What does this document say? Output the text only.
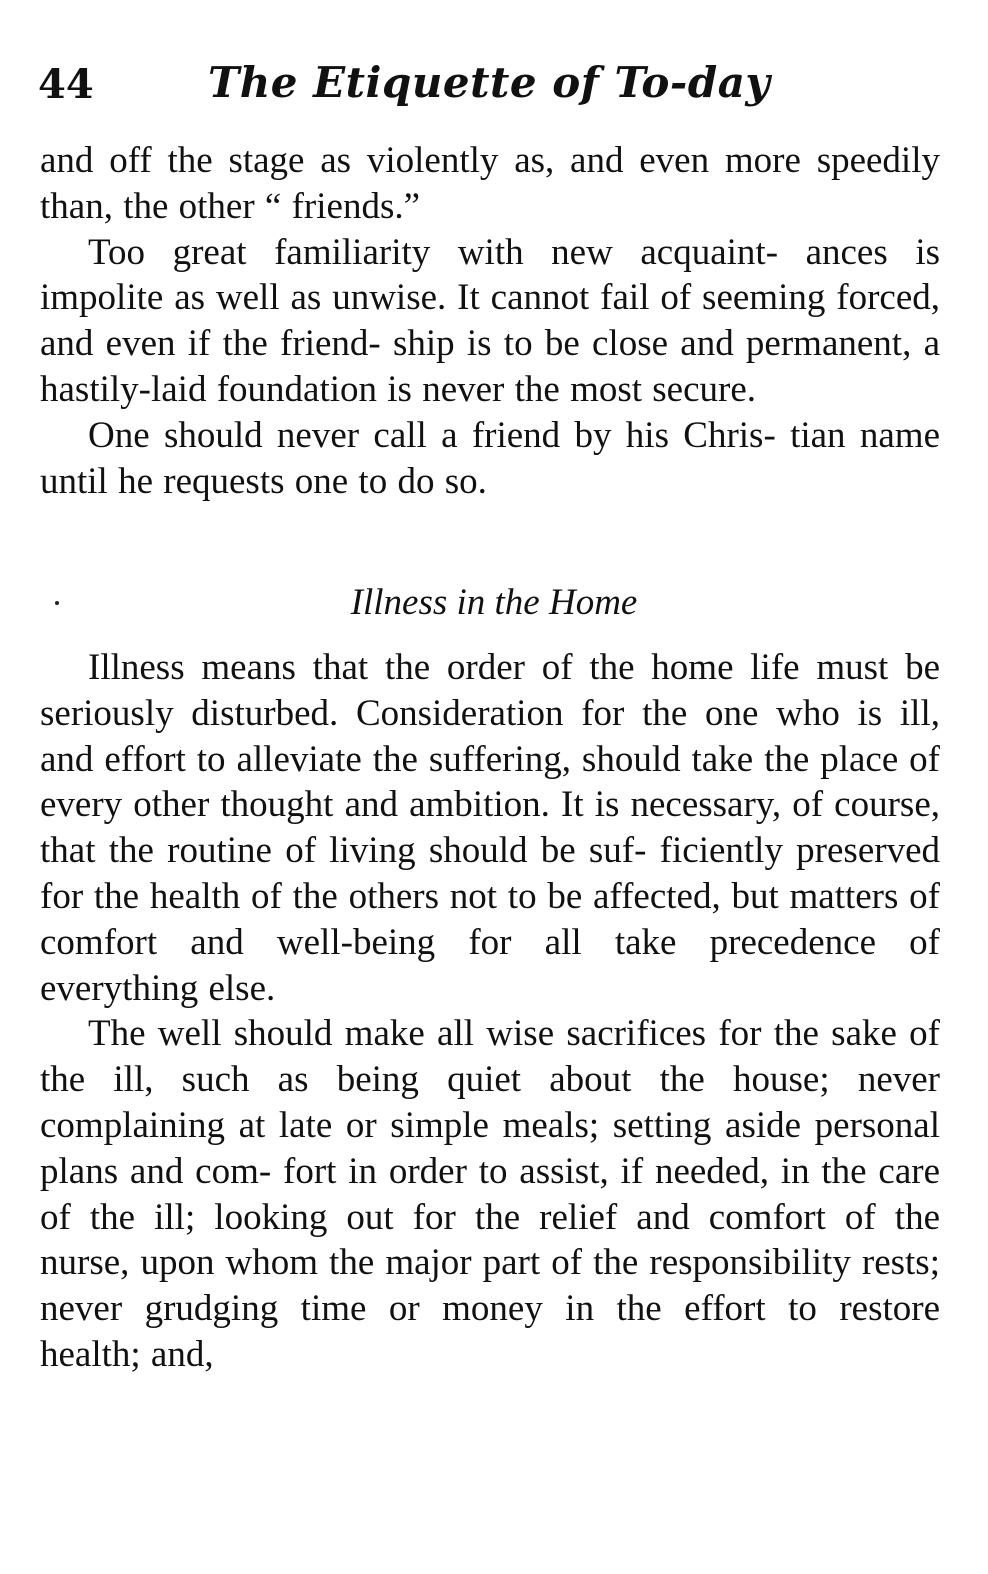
44	The Etiquette of To-day

and off the stage as violently as, and even more speedily than, the other “ friends.”

Too great familiarity with new acquaint- ances is impolite as well as unwise. It cannot fail of seeming forced, and even if the friend- ship is to be close and permanent, a hastily-laid foundation is never the most secure.

One should never call a friend by his Chris- tian name until he requests one to do so.

Illness in the Home

Illness means that the order of the home life must be seriously disturbed. Consideration for the one who is ill, and effort to alleviate the suffering, should take the place of every other thought and ambition. It is necessary, of course, that the routine of living should be suf- ficiently preserved for the health of the others not to be affected, but matters of comfort and well-being for all take precedence of everything else.

The well should make all wise sacrifices for the sake of the ill, such as being quiet about the house; never complaining at late or simple meals; setting aside personal plans and com- fort in order to assist, if needed, in the care of the ill; looking out for the relief and comfort of the nurse, upon whom the major part of the responsibility rests; never grudging time or money in the effort to restore health; and,
